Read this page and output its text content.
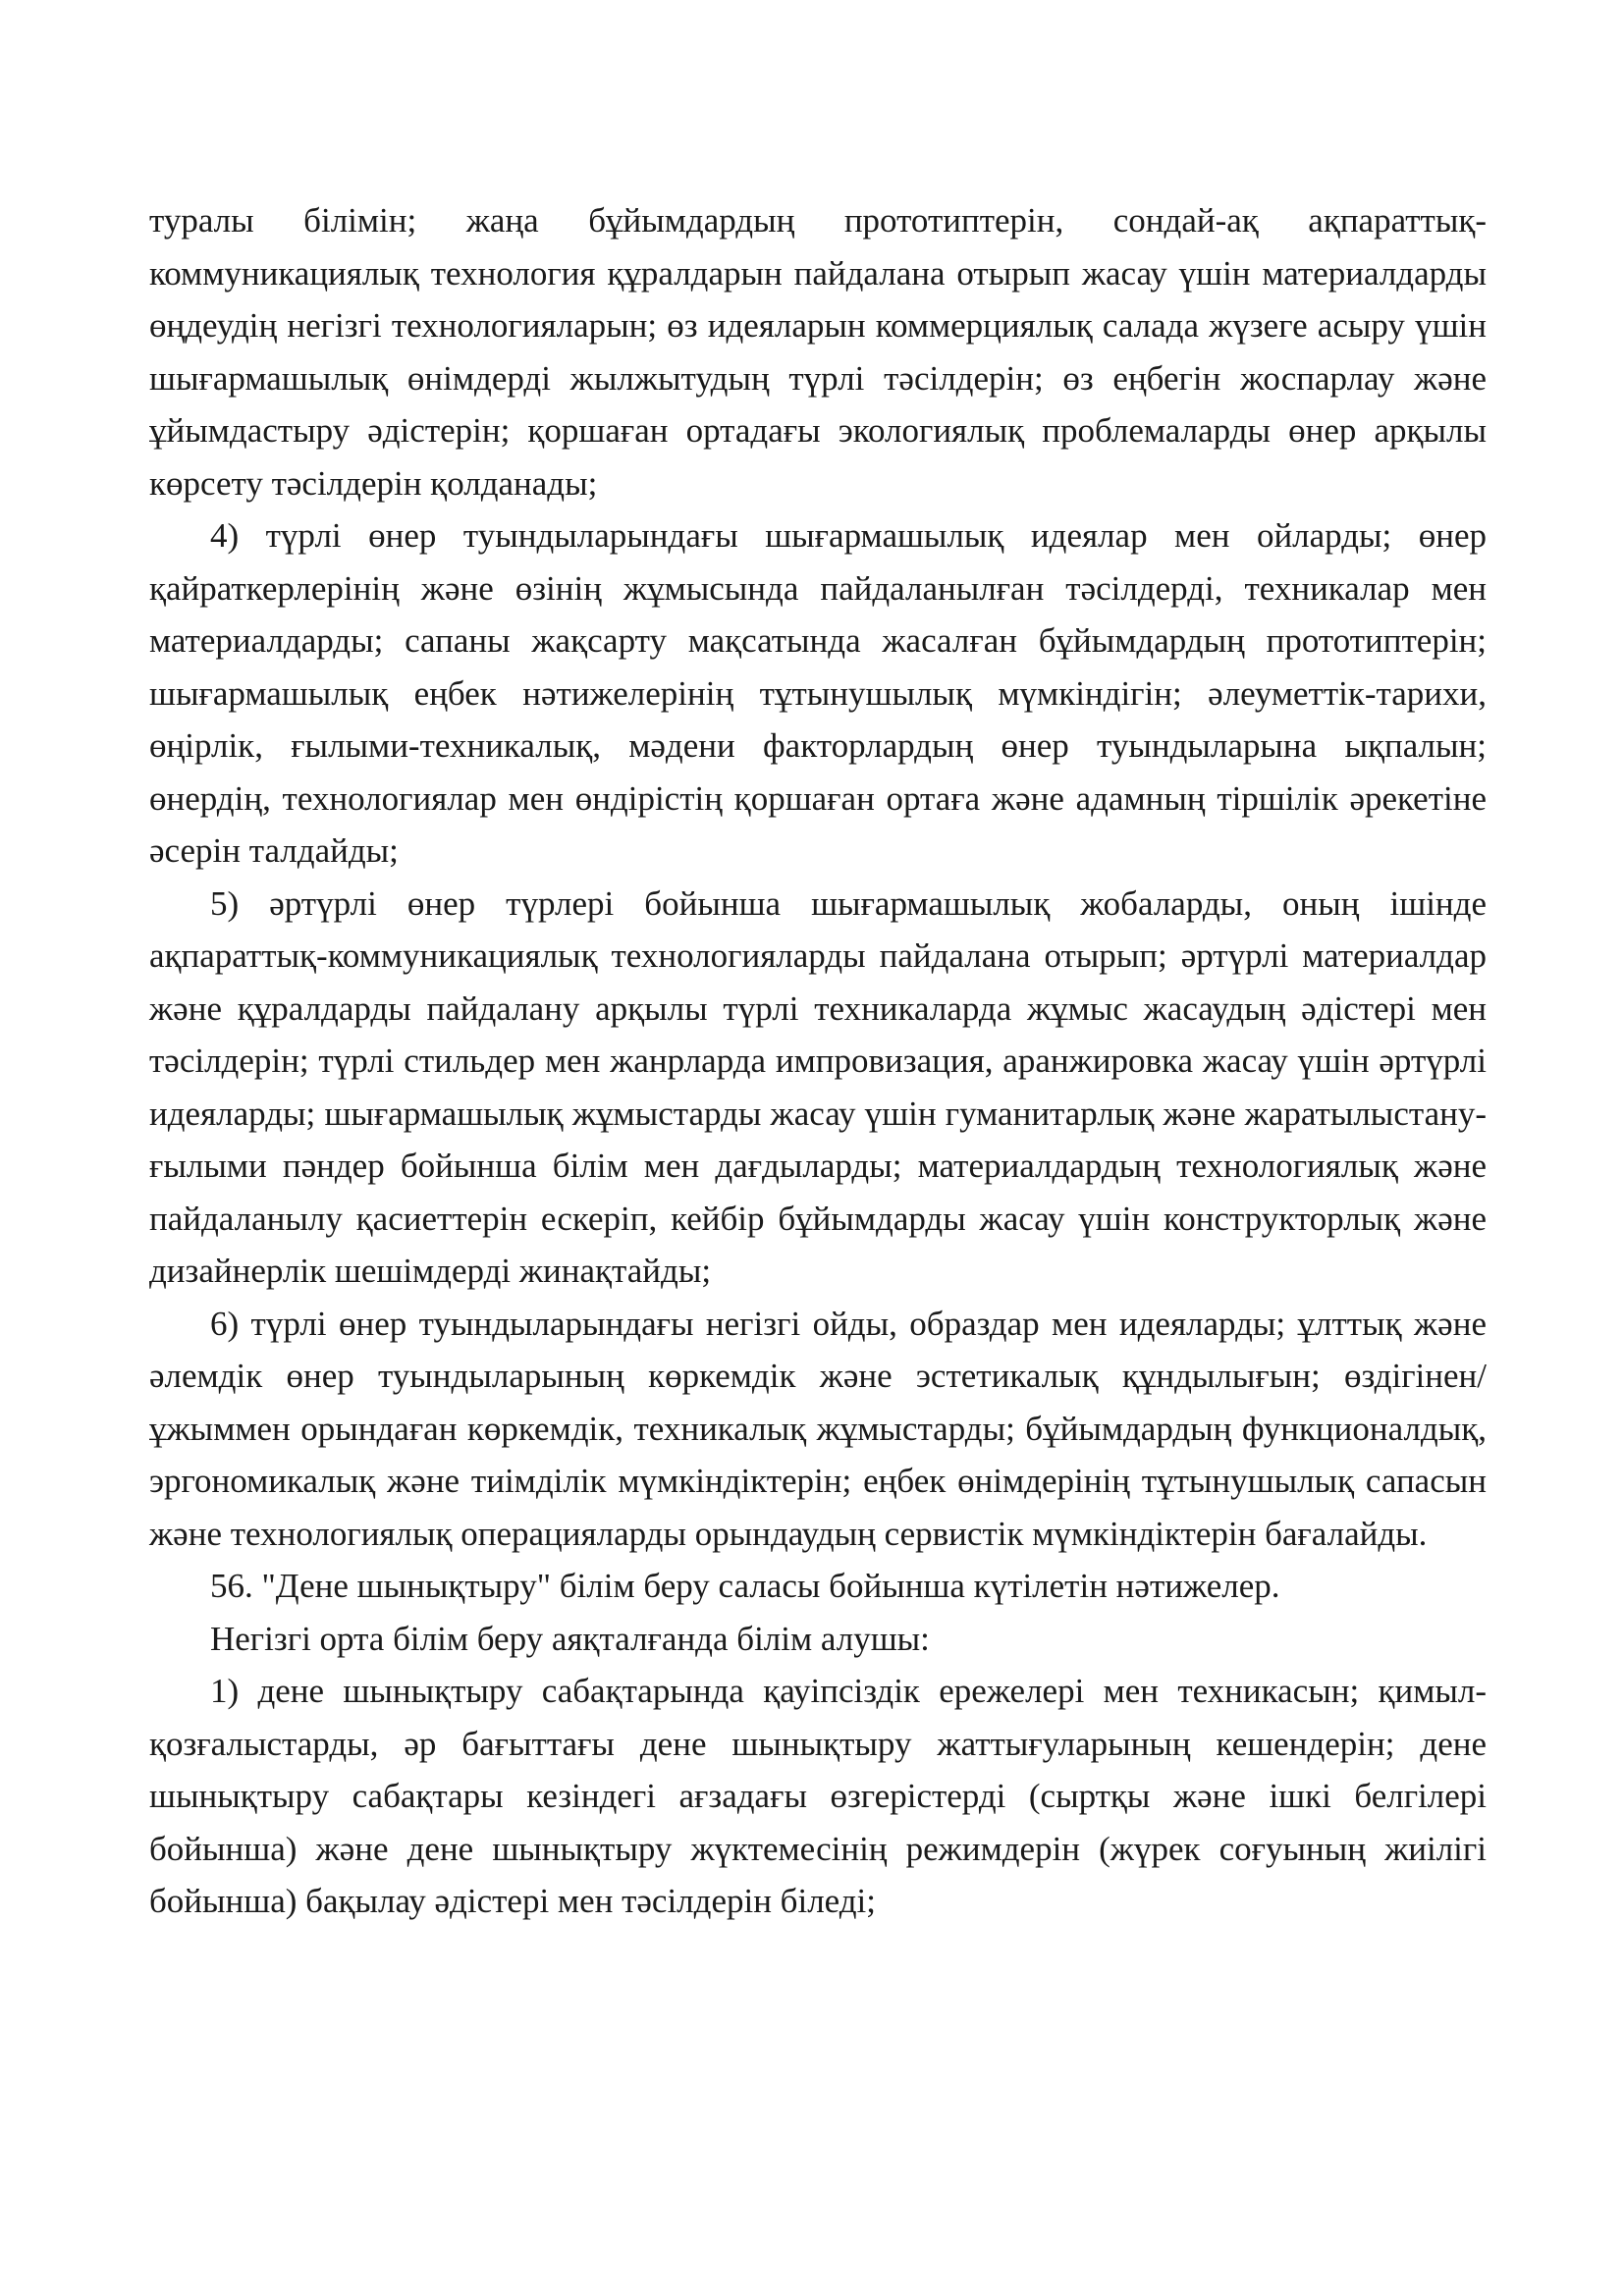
туралы білімін; жаңа бұйымдардың прототиптерін, сондай-ақ ақпараттық-коммуникациялық технология құралдарын пайдалана отырып жасау үшін материалдарды өңдеудің негізгі технологияларын; өз идеяларын коммерциялық салада жүзеге асыру үшін шығармашылық өнімдерді жылжытудың түрлі тәсілдерін; өз еңбегін жоспарлау және ұйымдастыру әдістерін; қоршаған ортадағы экологиялық проблемаларды өнер арқылы көрсету тәсілдерін қолданады;

4) түрлі өнер туындыларындағы шығармашылық идеялар мен ойларды; өнер қайраткерлерінің және өзінің жұмысында пайдаланылған тәсілдерді, техникалар мен материалдарды; сапаны жақсарту мақсатында жасалған бұйымдардың прототиптерін; шығармашылық еңбек нәтижелерінің тұтынушылық мүмкіндігін; әлеуметтік-тарихи, өңірлік, ғылыми-техникалық, мәдени факторлардың өнер туындыларына ықпалын; өнердің, технологиялар мен өндірістің қоршаған ортаға және адамның тіршілік әрекетіне әсерін талдайды;

5) әртүрлі өнер түрлері бойынша шығармашылық жобаларды, оның ішінде ақпараттық-коммуникациялық технологияларды пайдалана отырып; әртүрлі материалдар және құралдарды пайдалану арқылы түрлі техникаларда жұмыс жасаудың әдістері мен тәсілдерін; түрлі стильдер мен жанрларда импровизация, аранжировка жасау үшін әртүрлі идеяларды; шығармашылық жұмыстарды жасау үшін гуманитарлық және жаратылыстану-ғылыми пәндер бойынша білім мен дағдыларды; материалдардың технологиялық және пайдаланылу қасиеттерін ескеріп, кейбір бұйымдарды жасау үшін конструкторлық және дизайнерлік шешімдерді жинақтайды;

6) түрлі өнер туындыларындағы негізгі ойды, образдар мен идеяларды; ұлттық және әлемдік өнер туындыларының көркемдік және эстетикалық құндылығын; өздігінен/ұжыммен орындаған көркемдік, техникалық жұмыстарды; бұйымдардың функционалдық, эргономикалық және тиімділік мүмкіндіктерін; еңбек өнімдерінің тұтынушылық сапасын және технологиялық операцияларды орындаудың сервистік мүмкіндіктерін бағалайды.

56. "Дене шынықтыру" білім беру саласы бойынша күтілетін нәтижелер.

Негізгі орта білім беру аяқталғанда білім алушы:

1) дене шынықтыру сабақтарында қауіпсіздік ережелері мен техникасын; қимыл-қозғалыстарды, әр бағыттағы дене шынықтыру жаттығуларының кешендерін; дене шынықтыру сабақтары кезіндегі ағзадағы өзгерістерді (сыртқы және ішкі белгілері бойынша) және дене шынықтыру жүктемесінің режимдерін (жүрек соғуының жиілігі бойынша) бақылау әдістері мен тәсілдерін біледі;
